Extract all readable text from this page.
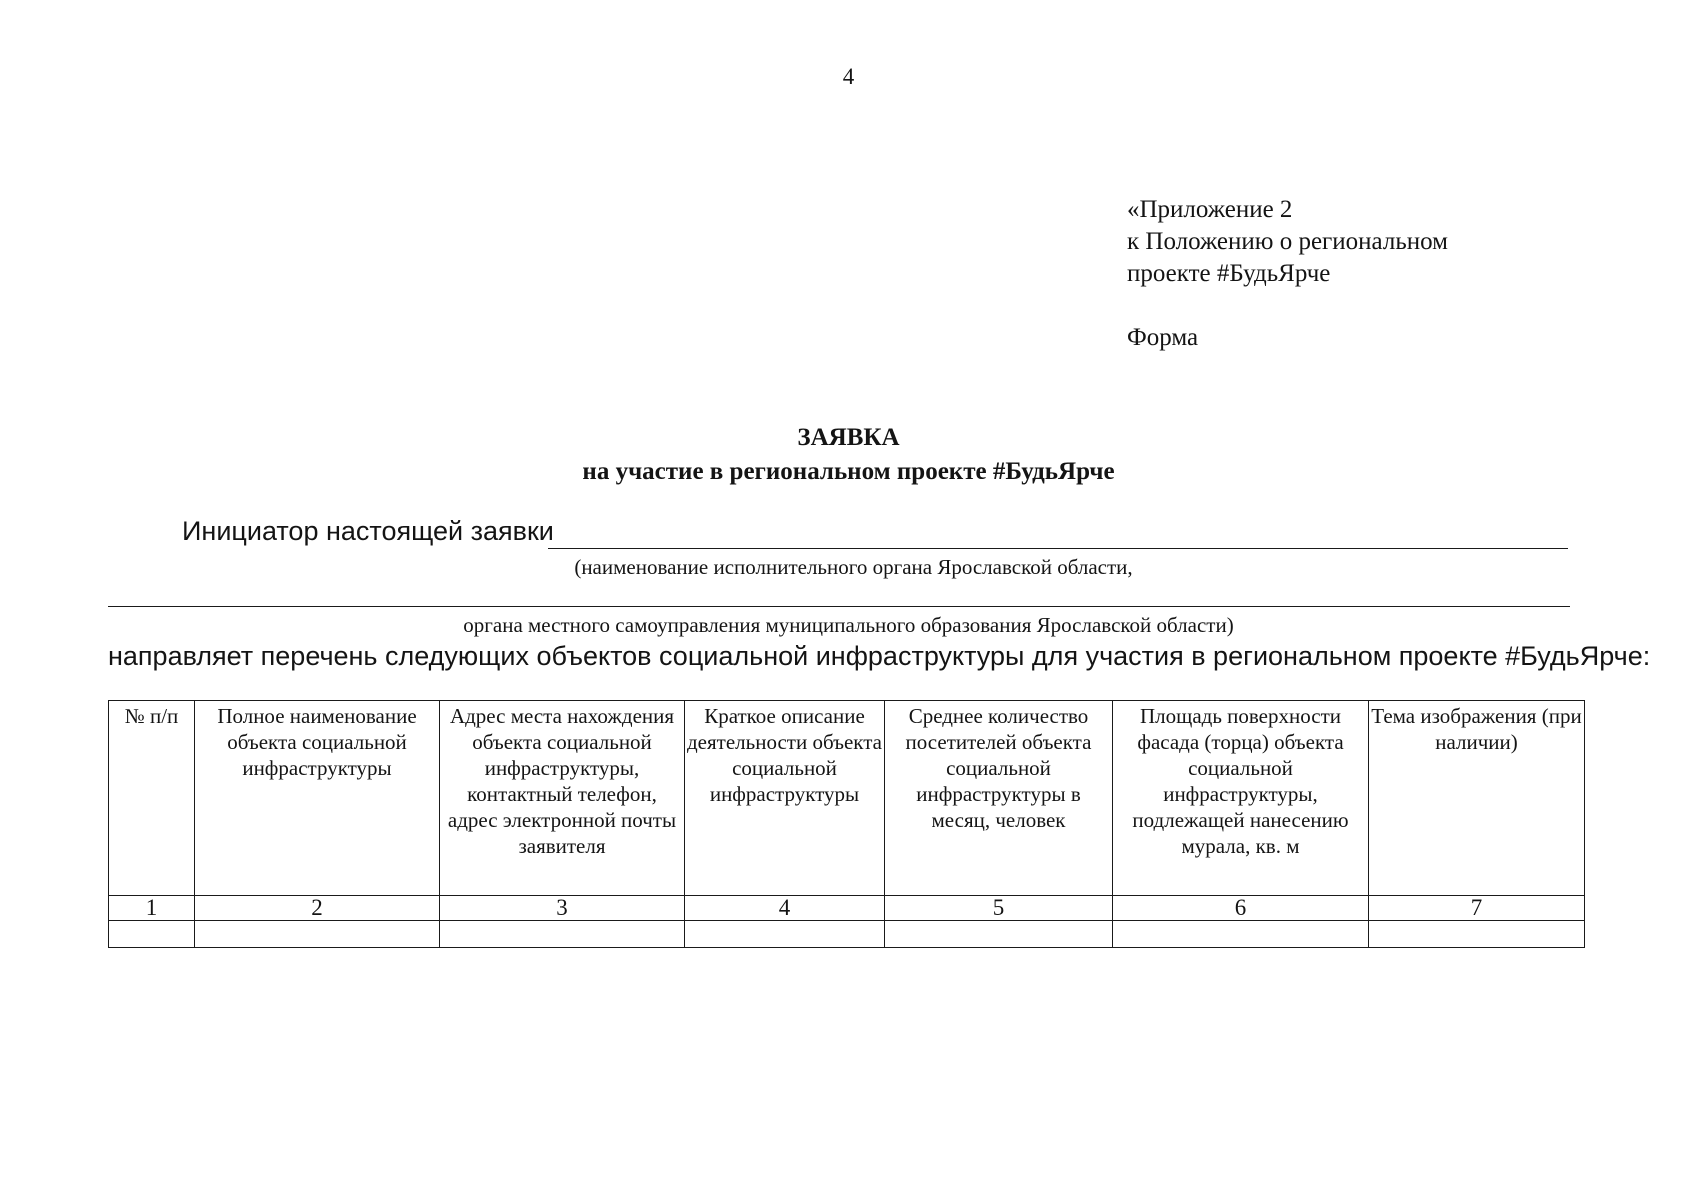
4
«Приложение 2
к Положению о региональном
проекте #БудьЯрче
Форма
ЗАЯВКА
на участие в региональном проекте #БудьЯрче
Инициатор настоящей заявки
(наименование исполнительного органа Ярославской области,
органа местного самоуправления муниципального образования Ярославской области)
направляет перечень следующих объектов социальной инфраструктуры для участия в региональном проекте #БудьЯрче:
№ п/п	Полное наименование объекта социальной инфраструктуры	Адрес места нахождения объекта социальной инфраструктуры, контактный телефон, адрес электронной почты заявителя	Краткое описание деятельности объекта социальной инфраструктуры	Среднее количество посетителей объекта социальной инфраструктуры в месяц, человек	Площадь поверхности фасада (торца) объекта социальной инфраструктуры, подлежащей нанесению мурала, кв. м	Тема изображения (при наличии)
1	2	3	4	5	6	7
